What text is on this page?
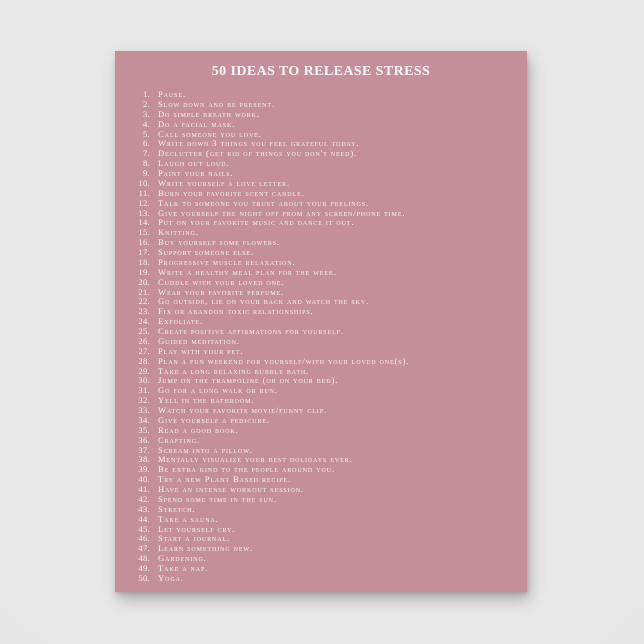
50 IDEAS TO RELEASE STRESS
1. Pause.
2. Slow down and be present.
3. Do simple breath work.
4. Do a facial mask.
5. Call someone you love.
6. Write down 3 things you feel grateful today.
7. Declutter (get rid of things you don't need).
8. Laugh out loud.
9. Paint your nails.
10. Write yourself a love letter.
11. Burn your favorite scent candle.
12. Talk to someone you trust about your feelings.
13. Give yourself the night off from any screen/phone time.
14. Put on your favorite music and dance it out.
15. Knitting.
16. Buy yourself some flowers.
17. Support someone else.
18. Progressive muscle relaxation.
19. Write a healthy meal plan for the week.
20. Cuddle with your loved one.
21. Wear your favorite perfume.
22. Go outside, lie on your back and watch the sky.
23. Fix or abandon toxic relationships.
24. Exfoliate.
25. Create positive affirmations for yourself.
26. Guided meditation.
27. Play with your pet.
28. Plan a fun weekend for yourself/with your loved one(s).
29. Take a long relaxing bubble bath.
30. Jump on the trampoline (or on your bed).
31. Go for a long walk or run.
32. Yell in the bathroom.
33. Watch your favorite movie/funny clip.
34. Give yourself a pedicure.
35. Read a good book.
36. Crafting.
37. Scream into a pillow.
38. Mentally visualize your best holidays ever.
39. Be extra kind to the people around you.
40. Try a new Plant Based recipe.
41. Have an intense workout session.
42. Spend some time in the sun.
43. Stretch.
44. Take a sauna.
45. Let yourself cry.
46. Start a journal.
47. Learn something new.
48. Gardening.
49. Take a nap.
50. Yoga.
